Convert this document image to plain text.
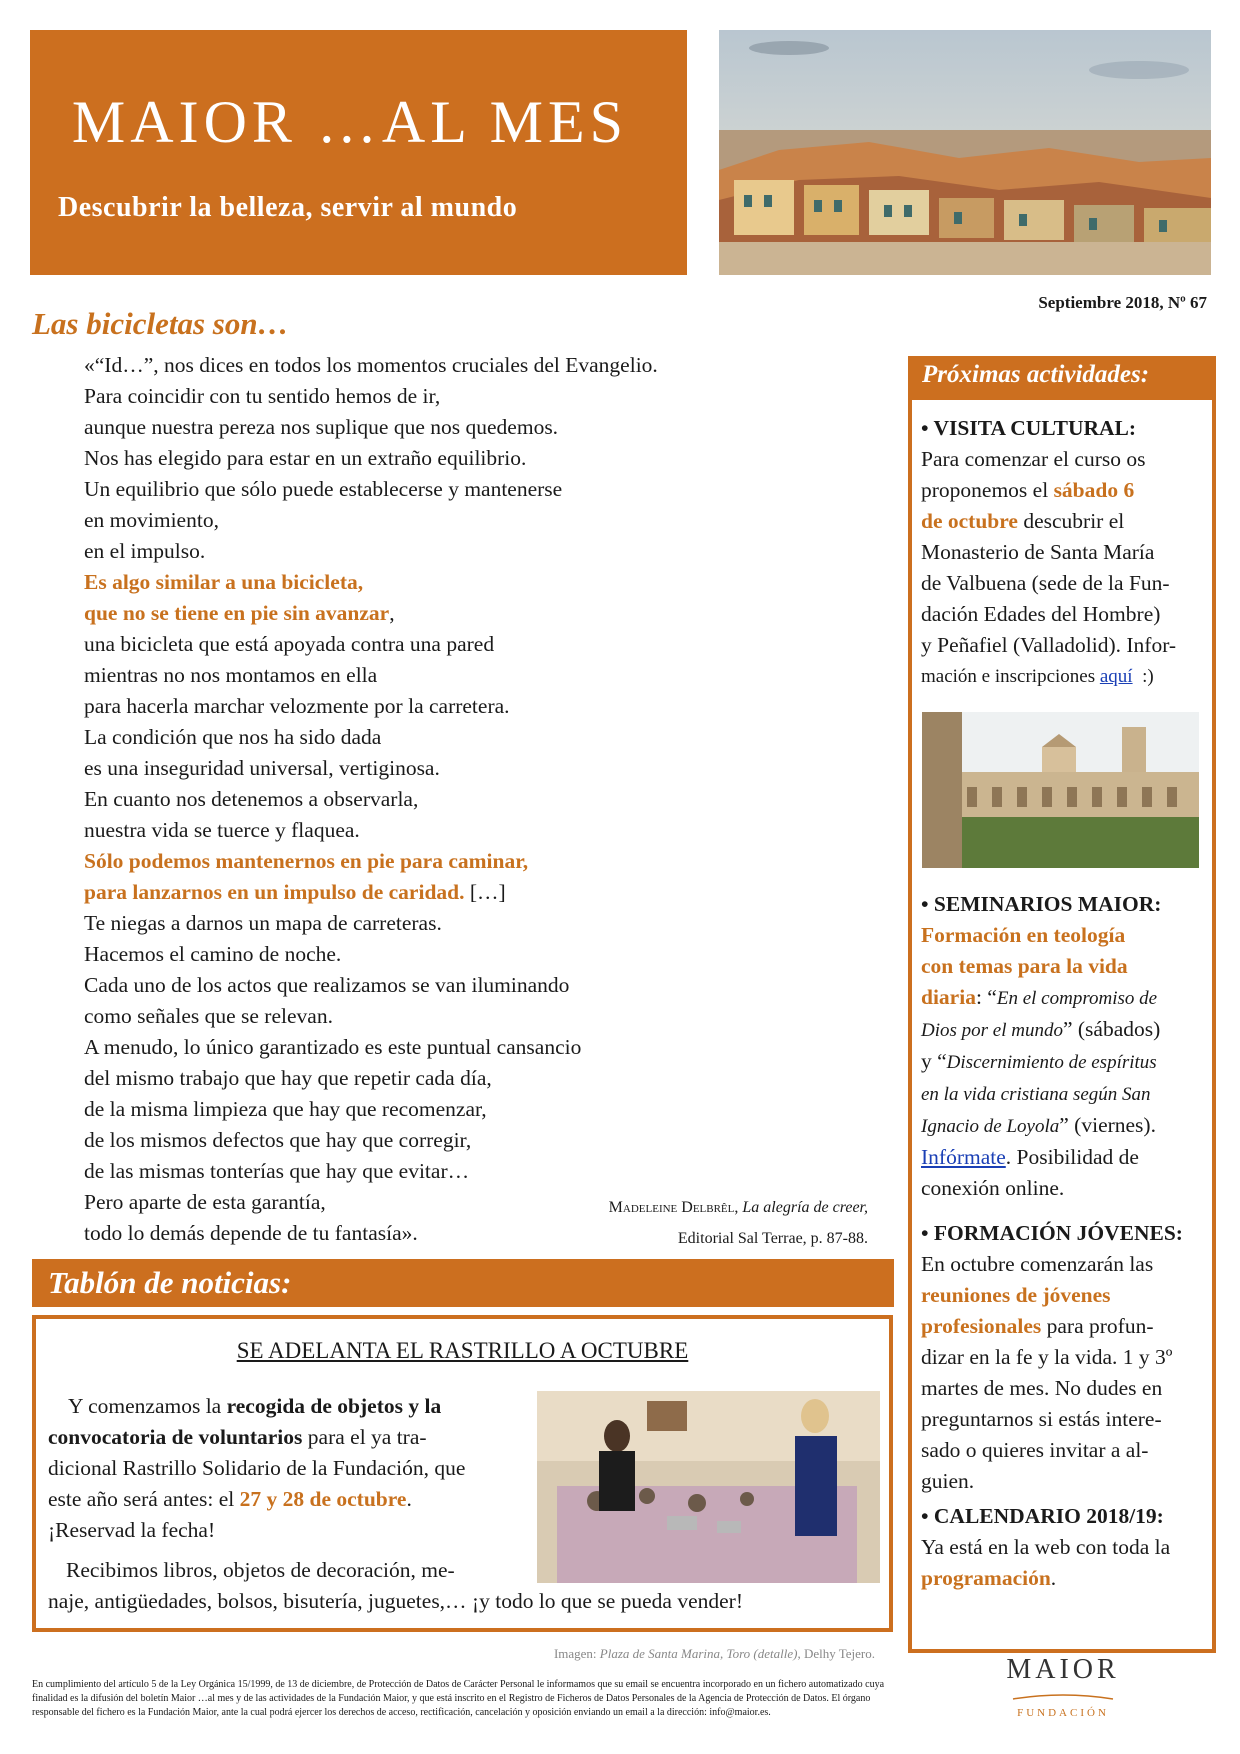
MAIOR …AL MES
Descubrir la belleza, servir al mundo
Septiembre 2018, Nº 67
Las bicicletas son…
«“Id…”, nos dices en todos los momentos cruciales del Evangelio.
Para coincidir con tu sentido hemos de ir,
aunque nuestra pereza nos suplique que nos quedemos.
Nos has elegido para estar en un extraño equilibrio.
Un equilibrio que sólo puede establecerse y mantenerse
en movimiento,
en el impulso.
Es algo similar a una bicicleta,
que no se tiene en pie sin avanzar,
una bicicleta que está apoyada contra una pared
mientras no nos montamos en ella
para hacerla marchar velozmente por la carretera.
La condición que nos ha sido dada
es una inseguridad universal, vertiginosa.
En cuanto nos detenemos a observarla,
nuestra vida se tuerce y flaquea.
Sólo podemos mantenernos en pie para caminar,
para lanzarnos en un impulso de caridad. […]
Te niegas a darnos un mapa de carreteras.
Hacemos el camino de noche.
Cada uno de los actos que realizamos se van iluminando
como señales que se relevan.
A menudo, lo único garantizado es este puntual cansancio
del mismo trabajo que hay que repetir cada día,
de la misma limpieza que hay que recomenzar,
de los mismos defectos que hay que corregir,
de las mismas tonterías que hay que evitar…
Pero aparte de esta garantía,
todo lo demás depende de tu fantasía».
Madeleine Delbrêl, La alegría de creer,
Editorial Sal Terrae, p. 87-88.
Tablón de noticias:
SE ADELANTA EL RASTRILLO A OCTUBRE
Y comenzamos la recogida de objetos y la
convocatoria de voluntarios para el ya tra-
dicional Rastrillo Solidario de la Fundación, que
este año será antes: el 27 y 28 de octubre.
¡Reservad la fecha!
Recibimos libros, objetos de decoración, me-
naje, antigüedades, bolsos, bisutería, juguetes,… ¡y todo lo que se pueda vender!
Imagen: Plaza de Santa Marina, Toro (detalle), Delhy Tejero.
En cumplimiento del artículo 5 de la Ley Orgánica 15/1999, de 13 de diciembre, de Protección de Datos de Carácter Personal le informamos que su email se encuentra incorporado en un fichero automatizado cuya finalidad es la difusión del boletín Maior …al mes y de las actividades de la Fundación Maior, y que está inscrito en el Registro de Ficheros de Datos Personales de la Agencia de Protección de Datos. El órgano responsable del fichero es la Fundación Maior, ante la cual podrá ejercer los derechos de acceso, rectificación, cancelación y oposición enviando un email a la dirección: info@maior.es.
Próximas actividades:
• VISITA CULTURAL:
Para comenzar el curso os
proponemos el sábado 6
de octubre descubrir el
Monasterio de Santa María
de Valbuena (sede de la Fun-
dación Edades del Hombre)
y Peñafiel (Valladolid). Infor-
mación e inscripciones aquí :)
• SEMINARIOS MAIOR:
Formación en teología
con temas para la vida
diaria: “En el compromiso de
Dios por el mundo” (sábados)
y “Discernimiento de espíritus
en la vida cristiana según San
Ignacio de Loyola” (viernes).
Infórmate. Posibilidad de
conexión online.
• FORMACIÓN JÓVENES:
En octubre comenzarán las
reuniones de jóvenes
profesionales para profun-
dizar en la fe y la vida. 1 y 3º
martes de mes. No dudes en
preguntarnos si estás intere-
sado o quieres invitar a al-
guien.
• CALENDARIO 2018/19:
Ya está en la web con toda la
programación.
MAIOR
FUNDACIÓN
